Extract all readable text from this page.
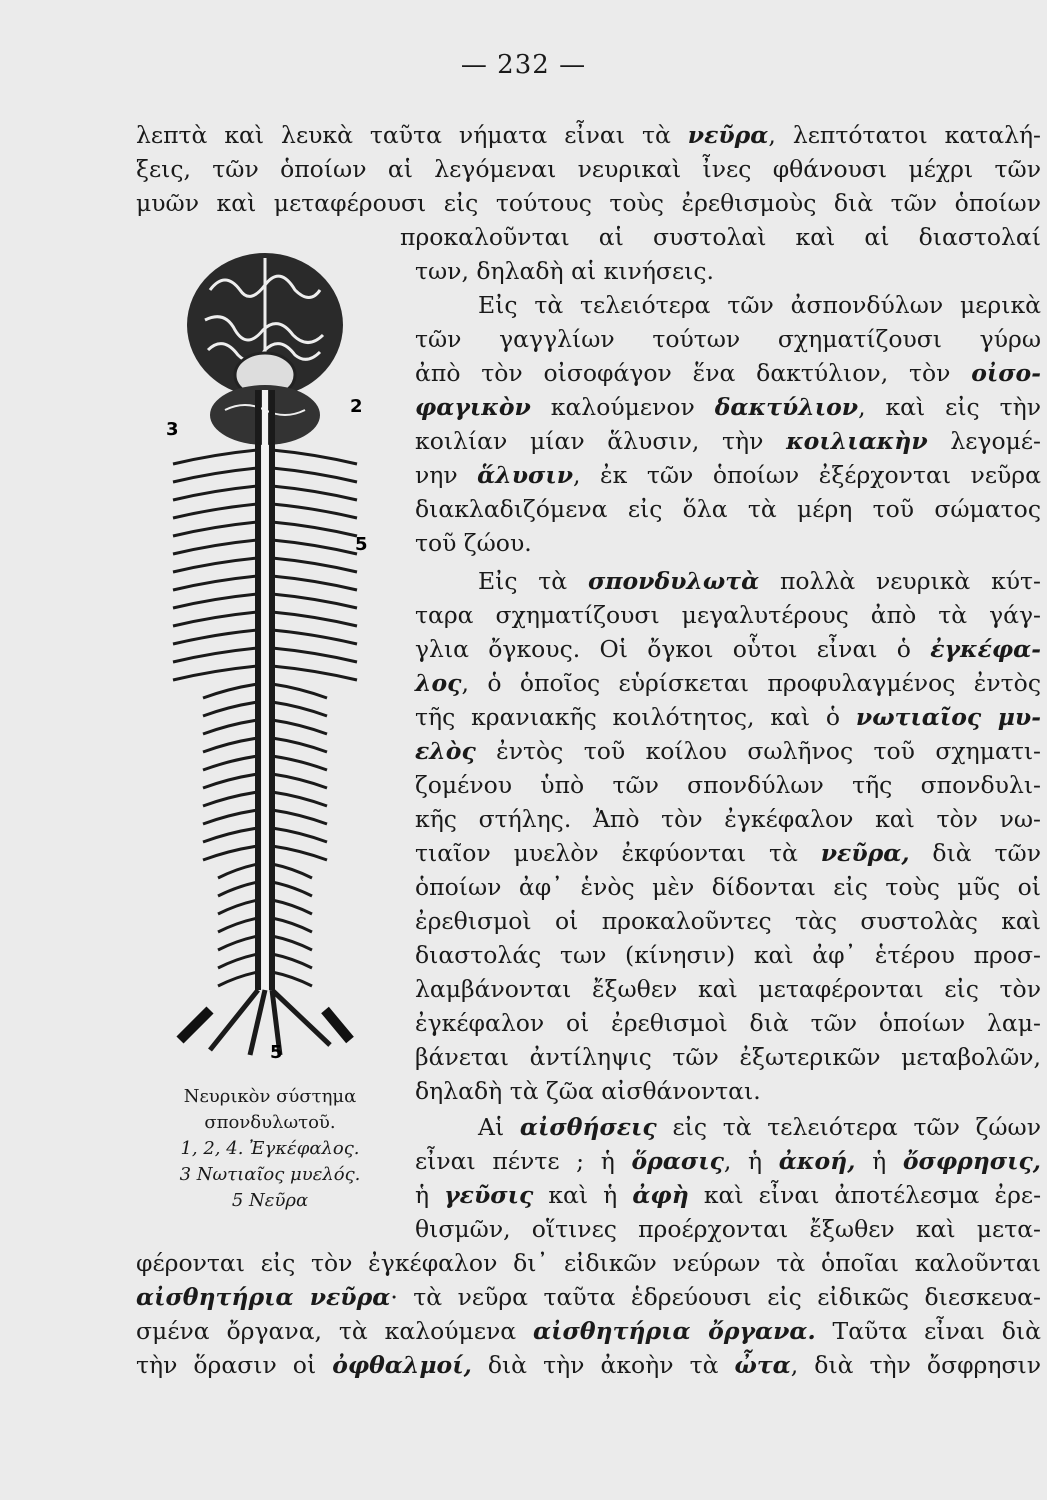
— 232 —
λεπτὰ καὶ λευκὰ ταῦτα νήματα εἶναι τὰ νεῦρα, λεπτότατοι καταλή-
ξεις, τῶν ὁποίων αἱ λεγόμεναι νευρικαὶ ἶνες φθάνουσι μέχρι τῶν
μυῶν καὶ μεταφέρουσι εἰς τούτους τοὺς ἐρεθισμοὺς διὰ τῶν ὁποίων
προκαλοῦνται αἱ συστολαὶ καὶ αἱ διαστολαί
των, δηλαδὴ αἱ κινήσεις.
Εἰς τὰ τελειότερα τῶν ἀσπονδύλων μερικὰ
τῶν γαγγλίων τούτων σχηματίζουσι γύρω
ἀπὸ τὸν οἰσοφάγον ἕνα δακτύλιον, τὸν οἰσο-
φαγικὸν καλούμενον δακτύλιον, καὶ εἰς τὴν
κοιλίαν μίαν ἅλυσιν, τὴν κοιλιακὴν λεγομέ-
νην ἅλυσιν, ἐκ τῶν ὁποίων ἐξέρχονται νεῦρα
διακλαδιζόμενα εἰς ὅλα τὰ μέρη τοῦ σώματος
τοῦ ζώου.
Εἰς τὰ σπονδυλωτὰ πολλὰ νευρικὰ κύτ-
ταρα σχηματίζουσι μεγαλυτέρους ἀπὸ τὰ γάγ-
γλια ὄγκους. Οἱ ὄγκοι οὗτοι εἶναι ὁ ἐγκέφα-
λος, ὁ ὁποῖος εὑρίσκεται προφυλαγμένος ἐντὸς
τῆς κρανιακῆς κοιλότητος, καὶ ὁ νωτιαῖος μυ-
ελὸς ἐντὸς τοῦ κοίλου σωλῆνος τοῦ σχηματι-
ζομένου ὑπὸ τῶν σπονδύλων τῆς σπονδυλι-
κῆς στήλης. Ἀπὸ τὸν ἐγκέφαλον καὶ τὸν νω-
τιαῖον μυελὸν ἐκφύονται τὰ νεῦρα, διὰ τῶν
ὁποίων ἀφ᾽ ἑνὸς μὲν δίδονται εἰς τοὺς μῦς οἱ
ἐρεθισμοὶ οἱ προκαλοῦντες τὰς συστολὰς καὶ
διαστολάς των (κίνησιν) καὶ ἀφ᾽ ἑτέρου προσ-
λαμβάνονται ἔξωθεν καὶ μεταφέρονται εἰς τὸν
ἐγκέφαλον οἱ ἐρεθισμοὶ διὰ τῶν ὁποίων λαμ-
βάνεται ἀντίληψις τῶν ἐξωτερικῶν μεταβολῶν,
δηλαδὴ τὰ ζῶα αἰσθάνονται.
Αἱ αἰσθήσεις εἰς τὰ τελειότερα τῶν ζώων
εἶναι πέντε ; ἡ ὅρασις, ἡ ἀκοή, ἡ ὄσφρησις,
ἡ γεῦσις καὶ ἡ ἀφὴ καὶ εἶναι ἀποτέλεσμα ἐρε-
θισμῶν, οἵτινες προέρχονται ἔξωθεν καὶ μετα-
φέρονται εἰς τὸν ἐγκέφαλον δι᾽ εἰδικῶν νεύρων τὰ ὁποῖαι καλοῦνται
αἰσθητήρια νεῦρα· τὰ νεῦρα ταῦτα ἑδρεύουσι εἰς εἰδικῶς διεσκευα-
σμένα ὄργανα, τὰ καλούμενα αἰσθητήρια ὄργανα. Ταῦτα εἶναι διὰ
τὴν ὅρασιν οἱ ὀφθαλμοί, διὰ τὴν ἀκοὴν τὰ ὦτα, διὰ τὴν ὄσφρησιν
2
3
5
5
Νευρικὸν σύστημα
σπονδυλωτοῦ.
1, 2, 4. Ἐγκέφαλος.
3 Νωτιαῖος μυελός.
5 Νεῦρα
